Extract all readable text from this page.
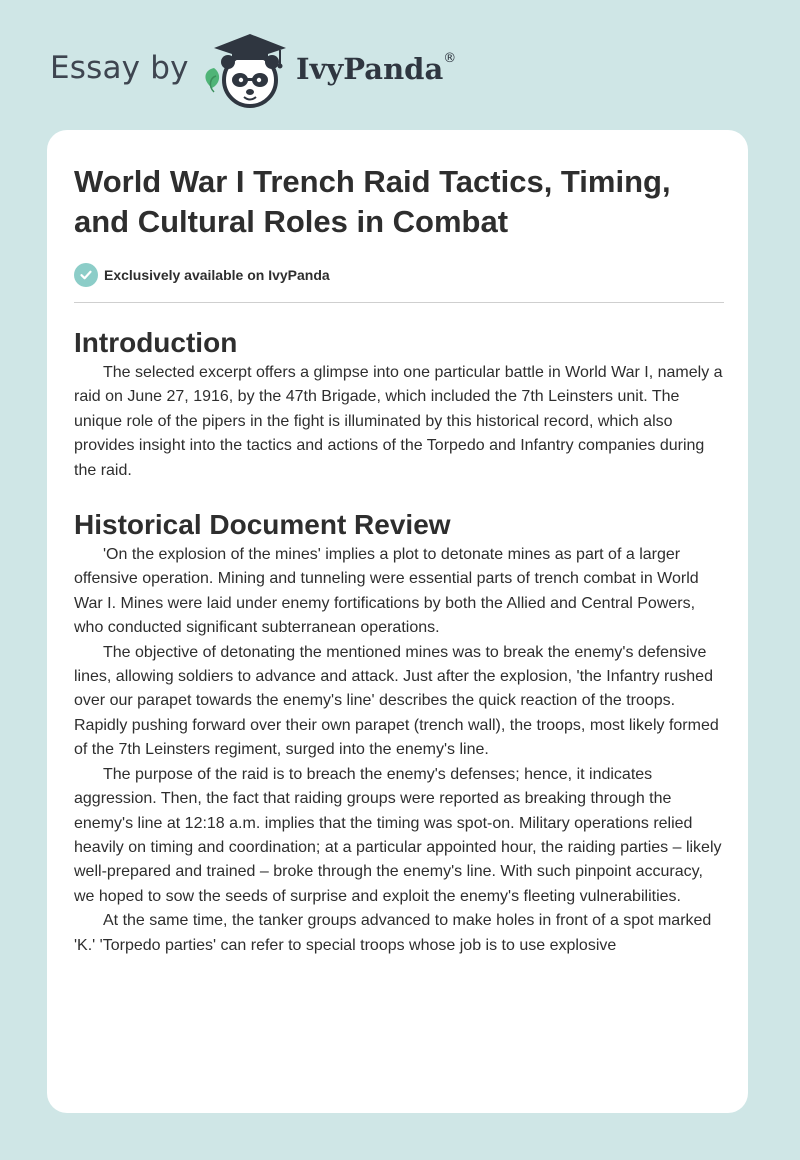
Essay by	IvyPanda®
World War I Trench Raid Tactics, Timing, and Cultural Roles in Combat
Exclusively available on IvyPanda
Introduction

The selected excerpt offers a glimpse into one particular battle in World War I, namely a raid on June 27, 1916, by the 47th Brigade, which included the 7th Leinsters unit. The unique role of the pipers in the fight is illuminated by this historical record, which also provides insight into the tactics and actions of the Torpedo and Infantry companies during the raid.

Historical Document Review

'On the explosion of the mines' implies a plot to detonate mines as part of a larger offensive operation. Mining and tunneling were essential parts of trench combat in World War I. Mines were laid under enemy fortifications by both the Allied and Central Powers, who conducted significant subterranean operations.

The objective of detonating the mentioned mines was to break the enemy's defensive lines, allowing soldiers to advance and attack. Just after the explosion, 'the Infantry rushed over our parapet towards the enemy's line' describes the quick reaction of the troops. Rapidly pushing forward over their own parapet (trench wall), the troops, most likely formed of the 7th Leinsters regiment, surged into the enemy's line.

The purpose of the raid is to breach the enemy's defenses; hence, it indicates aggression. Then, the fact that raiding groups were reported as breaking through the enemy's line at 12:18 a.m. implies that the timing was spot-on. Military operations relied heavily on timing and coordination; at a particular appointed hour, the raiding parties – likely well-prepared and trained – broke through the enemy's line. With such pinpoint accuracy, we hoped to sow the seeds of surprise and exploit the enemy's fleeting vulnerabilities.

At the same time, the tanker groups advanced to make holes in front of a spot marked 'K.' 'Torpedo parties' can refer to special troops whose job is to use explosive
